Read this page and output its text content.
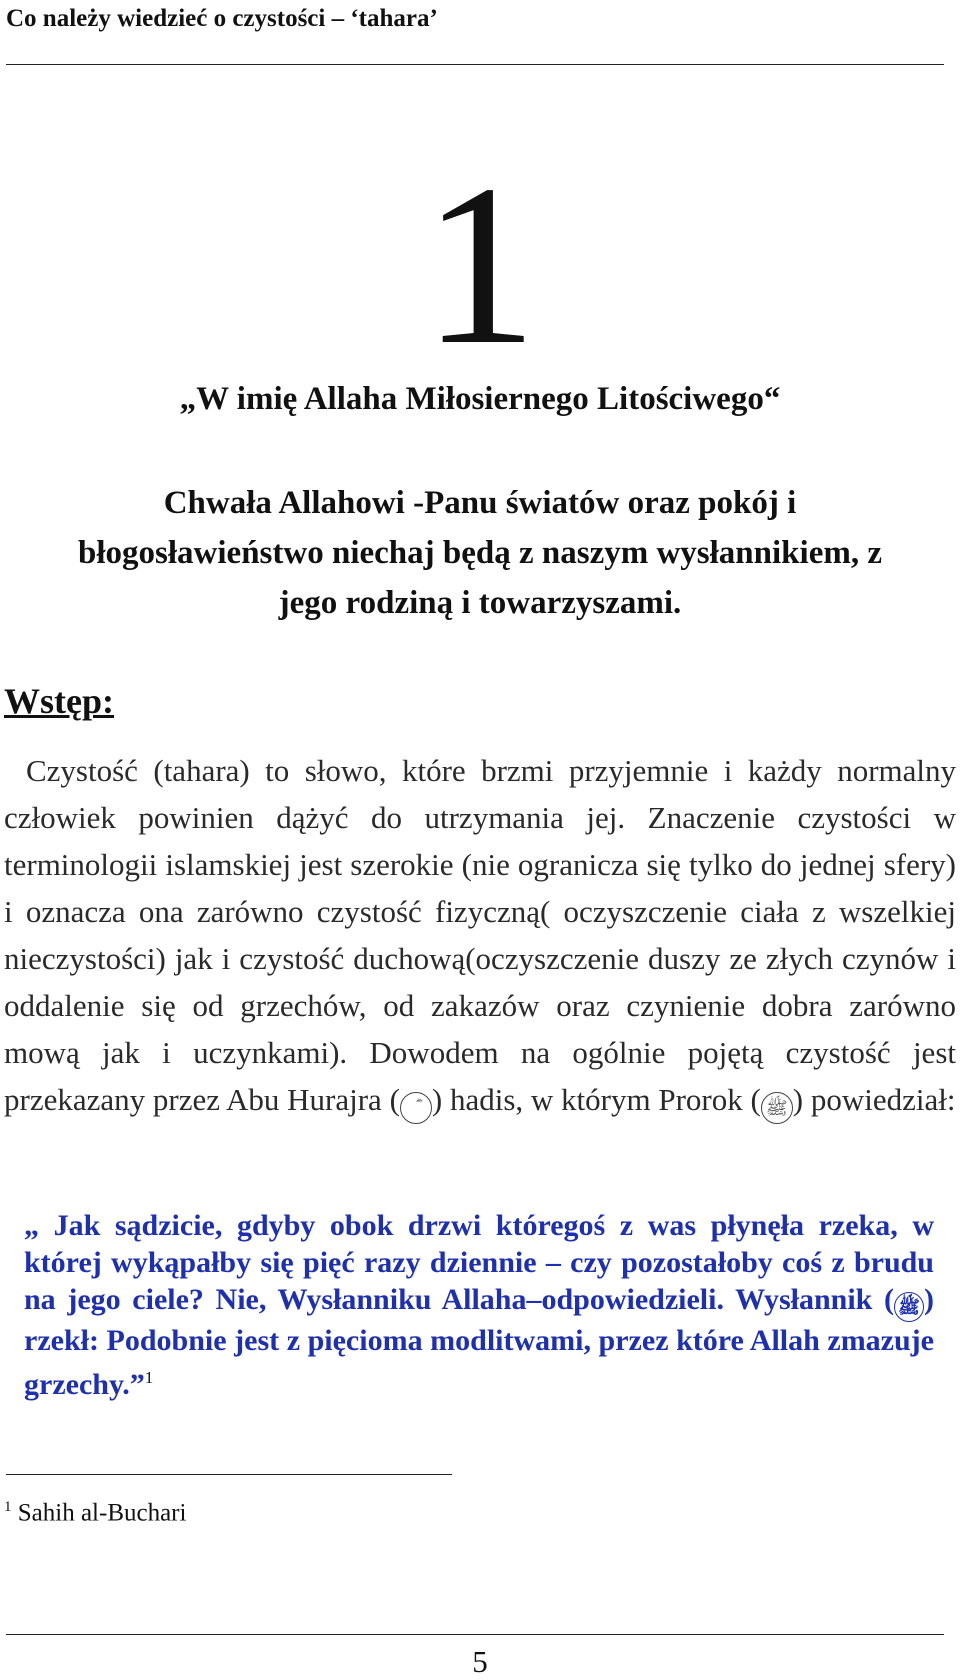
Co należy wiedzieć o czystości – ‘tahara’
1
„W imię Allaha Miłosiernego Litościwego“
Chwała Allahowi -Panu światów oraz pokój i błogosławieństwo niechaj będą z naszym wysłannikiem, z jego rodziną i towarzyszami.
Wstęp:
Czystość (tahara) to słowo, które brzmi przyjemnie i każdy normalny człowiek powinien dążyć do utrzymania jej. Znaczenie czystości w terminologii islamskiej jest szerokie (nie ogranicza się tylko do jednej sfery) i oznacza ona zarówno czystość fizyczną( oczyszczenie ciała z wszelkiej nieczystości) jak i czystość duchową(oczyszczenie duszy ze złych czynów i oddalenie się od grzechów, od zakazów oraz czynienie dobra zarówno mową jak i uczynkami). Dowodem na ogólnie pojętą czystość jest przekazany przez Abu Hurajra ( ) hadis, w którym Prorok ( ﷺ ) powiedział:
„ Jak sądzicie, gdyby obok drzwi któregoś z was płynęła rzeka, w której wykąpałby się pięć razy dziennie – czy pozostałoby coś z brudu na jego ciele? Nie, Wysłanniku Allaha–odpowiedzieli. Wysłannik ( ﷺ ) rzekł: Podobnie jest z pięcioma modlitwami, przez które Allah zmazuje grzechy.”$^1$
$^1$ Sahih al-Buchari
5
